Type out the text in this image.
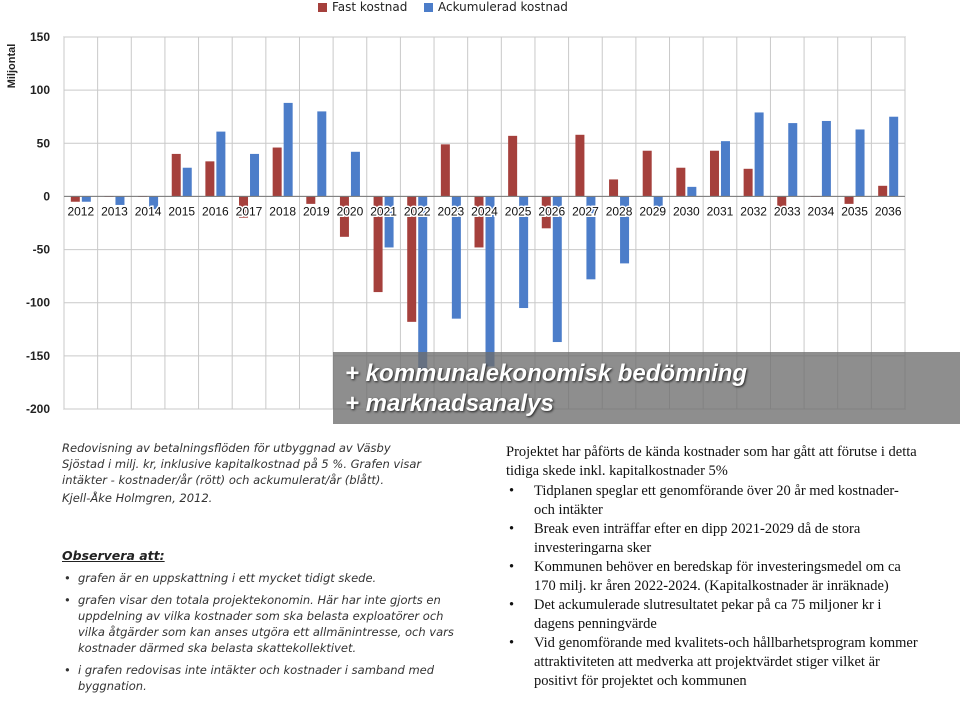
Fast kostnad	Ackumulerad kostnad
150
100
50
0
-50
-100
-150
-200
2012 2013 2014 2015 2016 2017 2018 2019 2020 2021 2022 2023 2024 2025 2026 2027 2028 2029 2030 2031 2032 2033 2034 2035 2036
Miljontal
+ kommunalekonomisk bedömning
+ marknadsanalys

Redovisning av betalningsflöden för utbyggnad av Väsby

Sjöstad i milj. kr, inklusive kapitalkostnad på 5 %. Grafen visar

intäkter - kostnader/år (rött) och ackumulerat/år (blått).

Kjell-Åke Holmgren, 2012.

Observera att:
• grafen är en uppskattning i ett mycket tidigt skede.
• grafen visar den totala projektekonomin. Här har inte gjorts en uppdelning av vilka kostnader som ska belasta exploatörer och vilka åtgärder som kan anses utgöra ett allmänintresse, och vars kostnader därmed ska belasta skattekollektivet.
• i grafen redovisas inte intäkter och kostnader i samband med byggnation.

Projektet har påförts de kända kostnader som har gått att förutse i detta tidiga skede inkl. kapitalkostnader 5%

• Tidplanen speglar ett genomförande över 20 år med kostnader- och intäkter
• Break even inträffar efter en dipp 2021-2029 då de stora investeringarna sker
• Kommunen behöver en beredskap för investeringsmedel om ca 170 milj. kr åren 2022-2024. (Kapitalkostnader är inräknade)
• Det ackumulerade slutresultatet pekar på ca 75 miljoner kr i dagens penningvärde
• Vid genomförande med kvalitets-och hållbarhetsprogram kommer attraktiviteten att medverka att projektvärdet stiger vilket är positivt för projektet och kommunen
